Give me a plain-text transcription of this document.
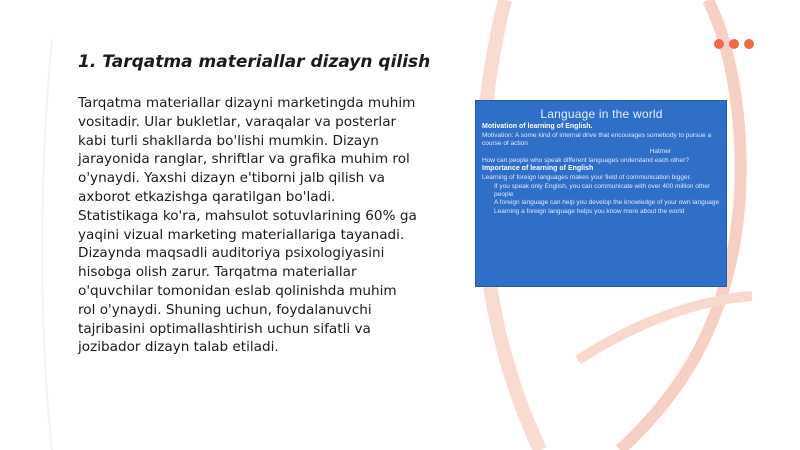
1. Tarqatma materiallar dizayn qilish

Tarqatma materiallar dizayni marketingda muhim vositadir. Ular bukletlar, varaqalar va posterlar kabi turli shakllarda bo'lishi mumkin. Dizayn jarayonida ranglar, shriftlar va grafika muhim rol o'ynaydi. Yaxshi dizayn e'tiborni jalb qilish va axborot etkazishga qaratilgan bo'ladi. Statistikaga ko'ra, mahsulot sotuvlarining 60% ga yaqini vizual marketing materiallariga tayanadi. Dizaynda maqsadli auditoriya psixologiyasini hisobga olish zarur. Tarqatma materiallar o'quvchilar tomonidan eslab qolinishda muhim rol o'ynaydi. Shuning uchun, foydalanuvchi tajribasini optimallashtirish uchun sifatli va jozibador dizayn talab etiladi.

Language in the world
Motivation of learning of English.
Motivation: A some kind of internal drive that encourages somebody to pursue a course of action
Hatmer
How can people who speak different languages understand each other?
Importance of learning of English
Learning of foreign languages makes your field of communication bigger.
If you speak only English, you can communicate with over 400 million other people
A foreign language can help you develop the knowledge of your own language
Learning a foreign language helps you know more about the world
